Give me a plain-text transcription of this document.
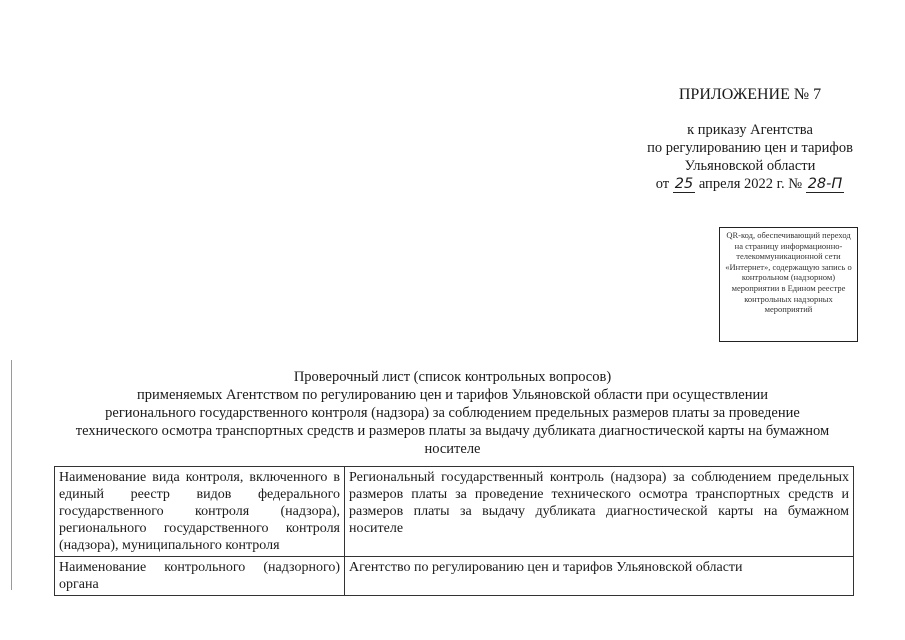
ПРИЛОЖЕНИЕ № 7
к приказу Агентства
по регулированию цен и тарифов
Ульяновской области
от 25 апреля 2022 г. № 28-П
QR-код, обеспечивающий переход на страницу информационно-телекоммуникационной сети «Интернет», содержащую запись о контрольном (надзорном) мероприятии в Едином реестре контрольных надзорных мероприятий
Проверочный лист (список контрольных вопросов)
применяемых Агентством по регулированию цен и тарифов Ульяновской области при осуществлении
регионального государственного контроля (надзора) за соблюдением предельных размеров платы за проведение
технического осмотра транспортных средств и размеров платы за выдачу дубликата диагностической карты на бумажном
носителе
Наименование вида контроля, включенного в единый реестр видов федерального государственного контроля (надзора), регионального государственного контроля (надзора), муниципального контроля	Региональный государственный контроль (надзора) за соблюдением предельных размеров платы за проведение технического осмотра транспортных средств и размеров платы за выдачу дубликата диагностической карты на бумажном носителе
Наименование контрольного (надзорного) органа	Агентство по регулированию цен и тарифов Ульяновской области
